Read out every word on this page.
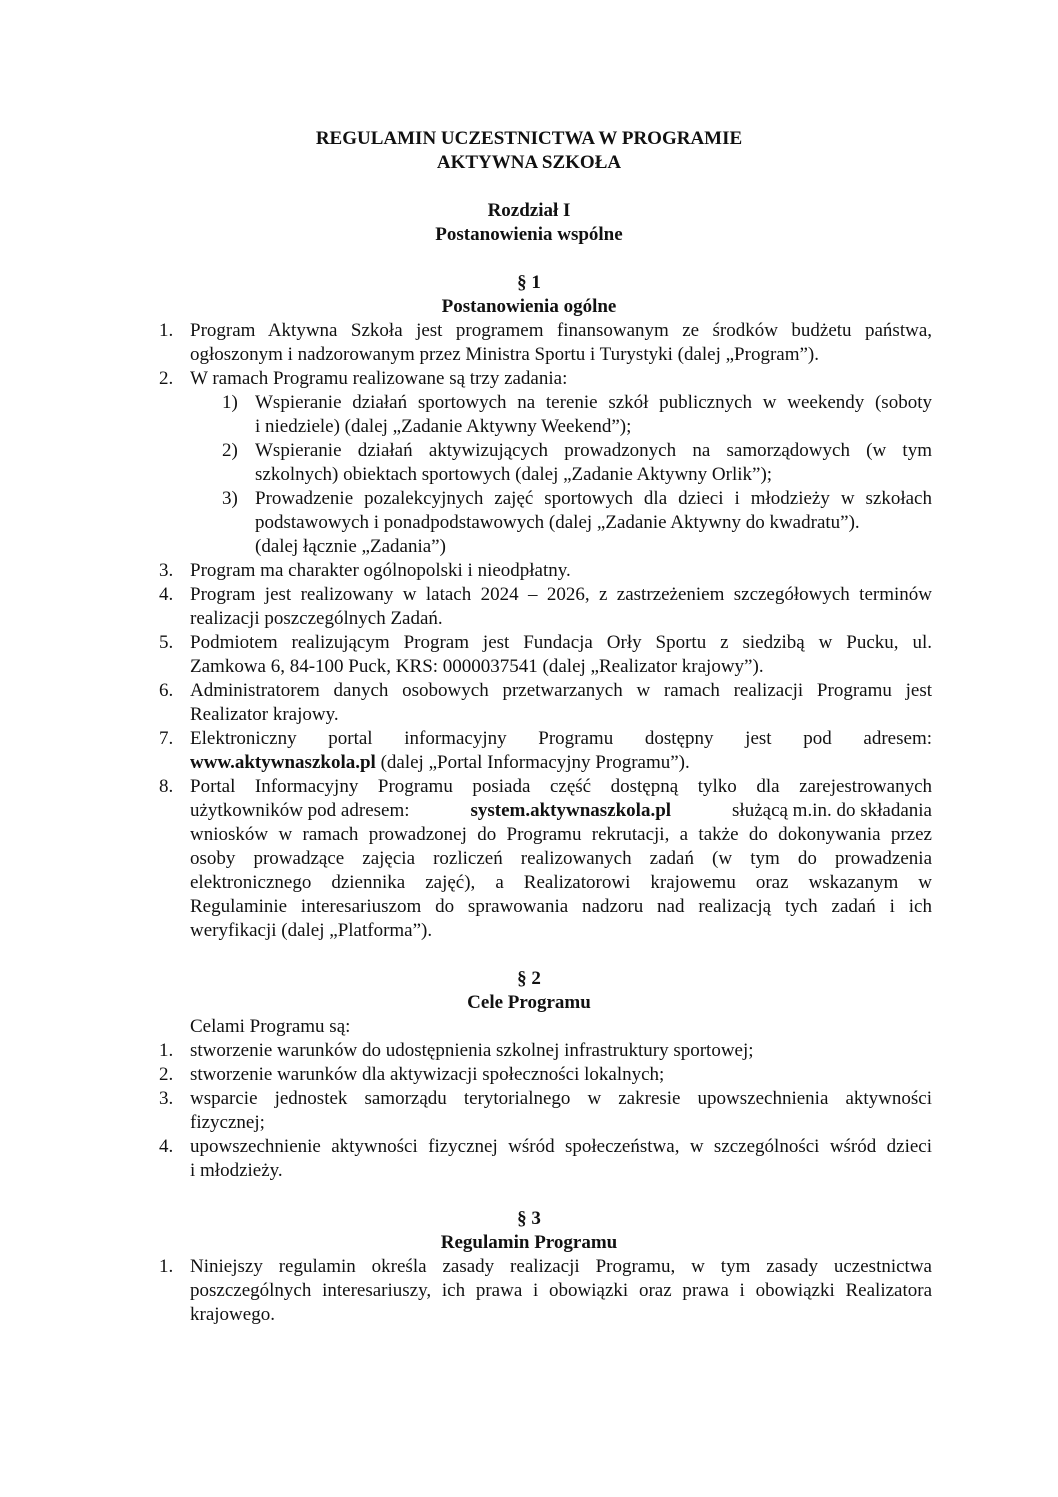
REGULAMIN UCZESTNICTWA W PROGRAMIE

AKTYWNA SZKOŁA

Rozdział I

Postanowienia wspólne

§ 1

Postanowienia ogólne

1. Program Aktywna Szkoła jest programem finansowanym ze środków budżetu państwa,
ogłoszonym i nadzorowanym przez Ministra Sportu i Turystyki (dalej „Program”).
2. W ramach Programu realizowane są trzy zadania:
1) Wspieranie działań sportowych na terenie szkół publicznych w weekendy (soboty
i niedziele) (dalej „Zadanie Aktywny Weekend”);
2) Wspieranie działań aktywizujących prowadzonych na samorządowych (w tym
szkolnych) obiektach sportowych (dalej „Zadanie Aktywny Orlik”);
3) Prowadzenie pozalekcyjnych zajęć sportowych dla dzieci i młodzieży w szkołach
podstawowych i ponadpodstawowych (dalej „Zadanie Aktywny do kwadratu”).
(dalej łącznie „Zadania”)
3. Program ma charakter ogólnopolski i nieodpłatny.
4. Program jest realizowany w latach 2024 – 2026, z zastrzeżeniem szczegółowych terminów
realizacji poszczególnych Zadań.
5. Podmiotem realizującym Program jest Fundacja Orły Sportu z siedzibą w Pucku, ul.
Zamkowa 6, 84-100 Puck, KRS: 0000037541 (dalej „Realizator krajowy”).
6. Administratorem danych osobowych przetwarzanych w ramach realizacji Programu jest
Realizator krajowy.
7. Elektroniczny portal informacyjny Programu dostępny jest pod adresem:
www.aktywnaszkola.pl (dalej „Portal Informacyjny Programu”).
8. Portal Informacyjny Programu posiada część dostępną tylko dla zarejestrowanych
użytkowników pod adresem:	system.aktywnaszkola.pl	służącą m.in. do składania
wniosków w ramach prowadzonej do Programu rekrutacji, a także do dokonywania przez
osoby prowadzące zajęcia rozliczeń realizowanych zadań (w tym do prowadzenia
elektronicznego dziennika zajęć), a Realizatorowi krajowemu oraz wskazanym w
Regulaminie interesariuszom do sprawowania nadzoru nad realizacją tych zadań i ich
weryfikacji (dalej „Platforma”).

§ 2

Cele Programu

Celami Programu są:
1. stworzenie warunków do udostępnienia szkolnej infrastruktury sportowej;
2. stworzenie warunków dla aktywizacji społeczności lokalnych;
3. wsparcie jednostek samorządu terytorialnego w zakresie upowszechnienia aktywności
fizycznej;
4. upowszechnienie aktywności fizycznej wśród społeczeństwa, w szczególności wśród dzieci
i młodzieży.

§ 3

Regulamin Programu

1. Niniejszy regulamin określa zasady realizacji Programu, w tym zasady uczestnictwa
poszczególnych interesariuszy, ich prawa i obowiązki oraz prawa i obowiązki Realizatora
krajowego.
